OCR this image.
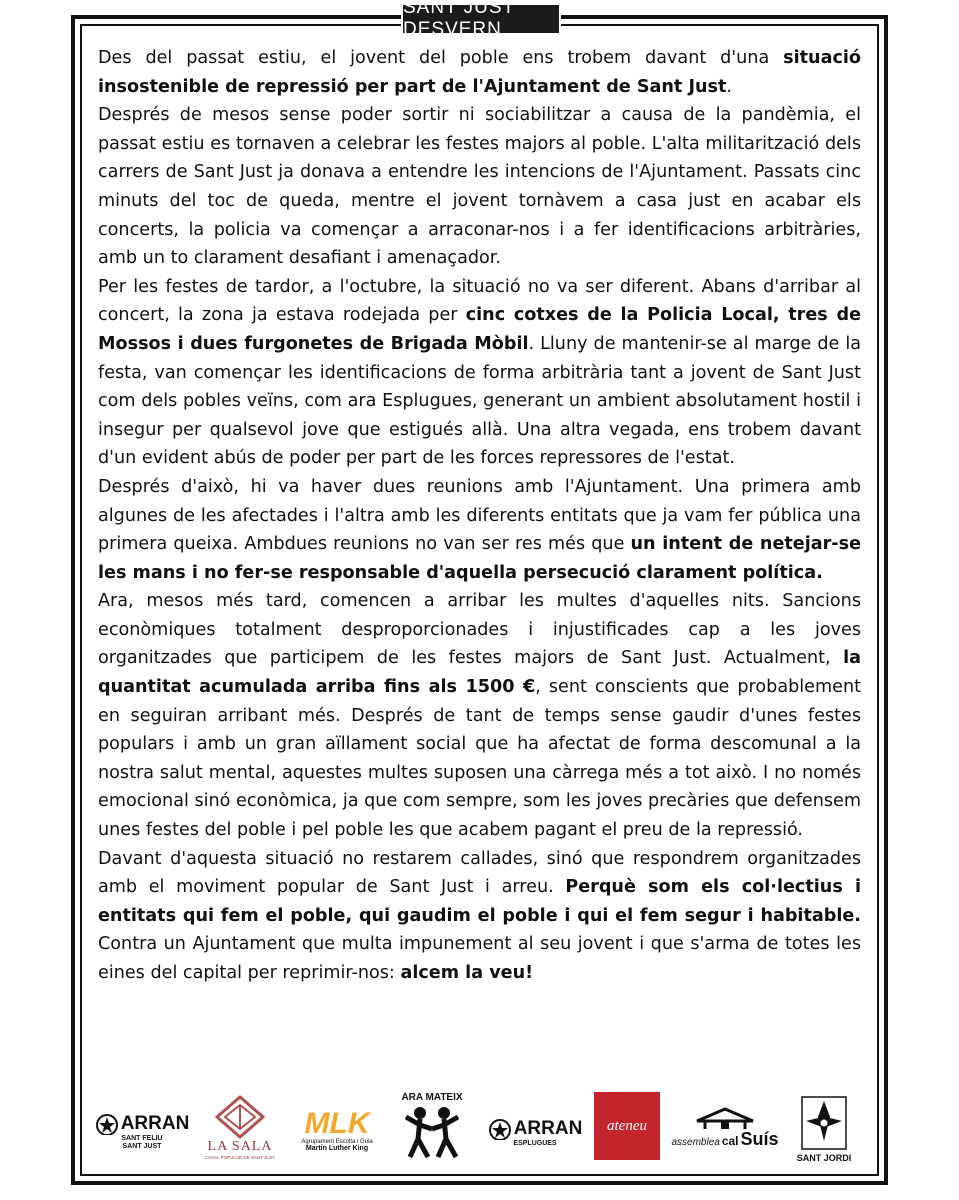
SANT JUST DESVERN

Des del passat estiu, el jovent del poble ens trobem davant d'una situació insostenible de repressió per part de l'Ajuntament de Sant Just.

Després de mesos sense poder sortir ni sociabilitzar a causa de la pandèmia, el passat estiu es tornaven a celebrar les festes majors al poble. L'alta militarització dels carrers de Sant Just ja donava a entendre les intencions de l'Ajuntament. Passats cinc minuts del toc de queda, mentre el jovent tornàvem a casa just en acabar els concerts, la policia va començar a arraconar-nos i a fer identificacions arbitràries, amb un to clarament desafiant i amenaçador.

Per les festes de tardor, a l'octubre, la situació no va ser diferent. Abans d'arribar al concert, la zona ja estava rodejada per cinc cotxes de la Policia Local, tres de Mossos i dues furgonetes de Brigada Mòbil. Lluny de mantenir-se al marge de la festa, van començar les identificacions de forma arbitrària tant a jovent de Sant Just com dels pobles veïns, com ara Esplugues, generant un ambient absolutament hostil i insegur per qualsevol jove que estigués allà. Una altra vegada, ens trobem davant d'un evident abús de poder per part de les forces repressores de l'estat.

Després d'això, hi va haver dues reunions amb l'Ajuntament. Una primera amb algunes de les afectades i l'altra amb les diferents entitats que ja vam fer pública una primera queixa. Ambdues reunions no van ser res més que un intent de netejar-se les mans i no fer-se responsable d'aquella persecució clarament política.

Ara, mesos més tard, comencen a arribar les multes d'aquelles nits. Sancions econòmiques totalment desproporcionades i injustificades cap a les joves organitzades que participem de les festes majors de Sant Just. Actualment, la quantitat acumulada arriba fins als 1500 €, sent conscients que probablement en seguiran arribant més. Després de tant de temps sense gaudir d'unes festes populars i amb un gran aïllament social que ha afectat de forma descomunal a la nostra salut mental, aquestes multes suposen una càrrega més a tot això. I no només emocional sinó econòmica, ja que com sempre, som les joves precàries que defensem unes festes del poble i pel poble les que acabem pagant el preu de la repressió.

Davant d'aquesta situació no restarem callades, sinó que respondrem organitzades amb el moviment popular de Sant Just i arreu. Perquè som els col·lectius i entitats qui fem el poble, qui gaudim el poble i qui el fem segur i habitable. Contra un Ajuntament que multa impunement al seu jovent i que s'arma de totes les eines del capital per reprimir-nos: alcem la veu!

ARRAN
SANT FELIU SANT JUST	LA SALA
CASAL POPULAR DE SANT JUST
MLK
Agrupament Escolta i Guia
Martin Luther King
ARA MATEIX
ARRAN
ESPLUGUES
ateneu
assemblea cal Suís
SANT JORDI
